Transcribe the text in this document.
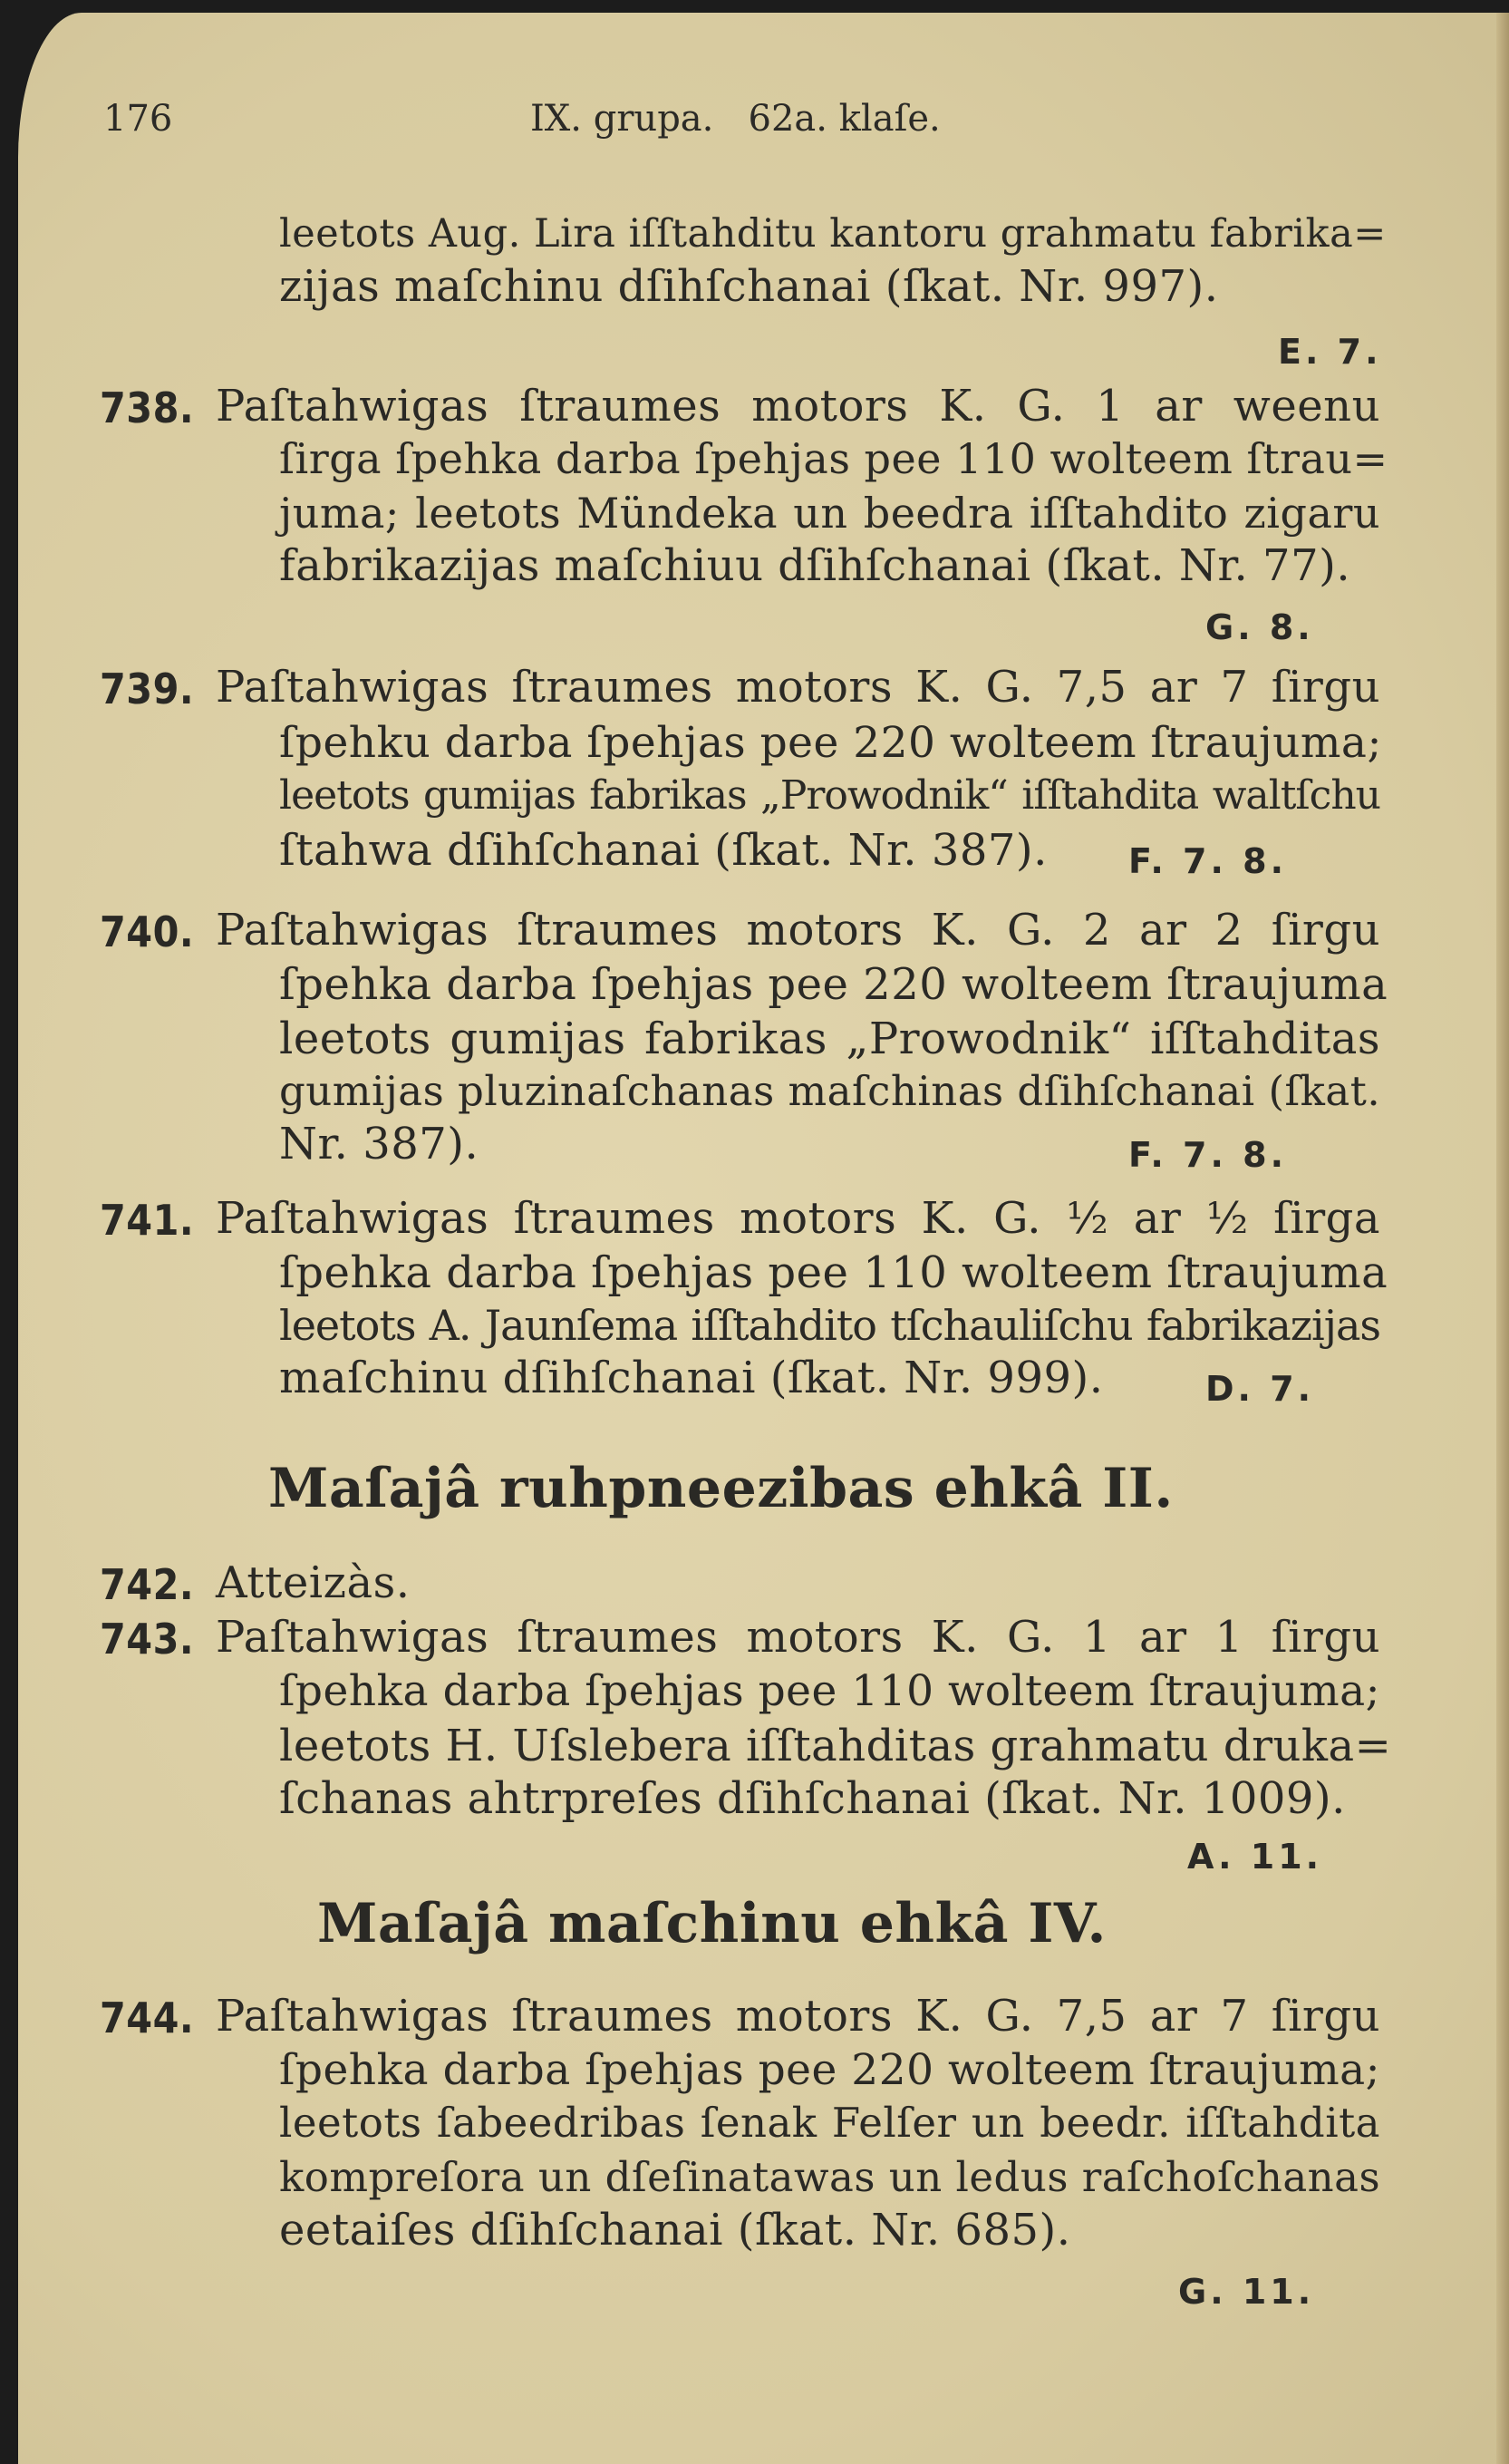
176	IX. grupa.   62a. klaſe.
leetots Aug. Lira iſſtahditu kantoru grahmatu fabrika=
zijas maſchinu dſihſchanai (ſkat. Nr. 997).
E. 7.
738. Paſtahwigas ſtraumes motors K. G. 1 ar weenu
ſirga ſpehka darba ſpehjas pee 110 wolteem ſtrau=
juma; leetots Mündeka un beedra iſſtahdito zigaru
fabrikazijas maſchiuu dſihſchanai (ſkat. Nr. 77).
G. 8.
739. Paſtahwigas ſtraumes motors K. G. 7,5 ar 7 ſirgu
ſpehku darba ſpehjas pee 220 wolteem ſtraujuma;
leetots gumijas fabrikas „Prowodnik“ iſſtahdita waltſchu
ſtahwa dſihſchanai (ſkat. Nr. 387). F. 7. 8.
740. Paſtahwigas ſtraumes motors K. G. 2 ar 2 ſirgu
ſpehka darba ſpehjas pee 220 wolteem ſtraujuma
leetots gumijas fabrikas „Prowodnik“ iſſtahditas
gumijas pluzinaſchanas maſchinas dſihſchanai (ſkat.
Nr. 387).	F. 7. 8.
741. Paſtahwigas ſtraumes motors K. G. ½ ar ½ ſirga
ſpehka darba ſpehjas pee 110 wolteem ſtraujuma
leetots A. Jaunſema iſſtahdito tſchauliſchu fabrikazijas
maſchinu dſihſchanai (ſkat. Nr. 999).	D. 7.
Maſajâ ruhpneezibas ehkâ II.
742. Atteizàs.
743. Paſtahwigas ſtraumes motors K. G. 1 ar 1 ſirgu
ſpehka darba ſpehjas pee 110 wolteem ſtraujuma;
leetots H. Uſslebera iſſtahditas grahmatu druka=
ſchanas ahtrpreſes dſihſchanai (ſkat. Nr. 1009).
A. 11.
Maſajâ maſchinu ehkâ IV.
744. Paſtahwigas ſtraumes motors K. G. 7,5 ar 7 ſirgu
ſpehka darba ſpehjas pee 220 wolteem ſtraujuma;
leetots ſabeedribas ſenak Felſer un beedr. iſſtahdita
kompreſora un dſeſinatawas un ledus raſchoſchanas
eetaiſes dſihſchanai (ſkat. Nr. 685).
G. 11.
